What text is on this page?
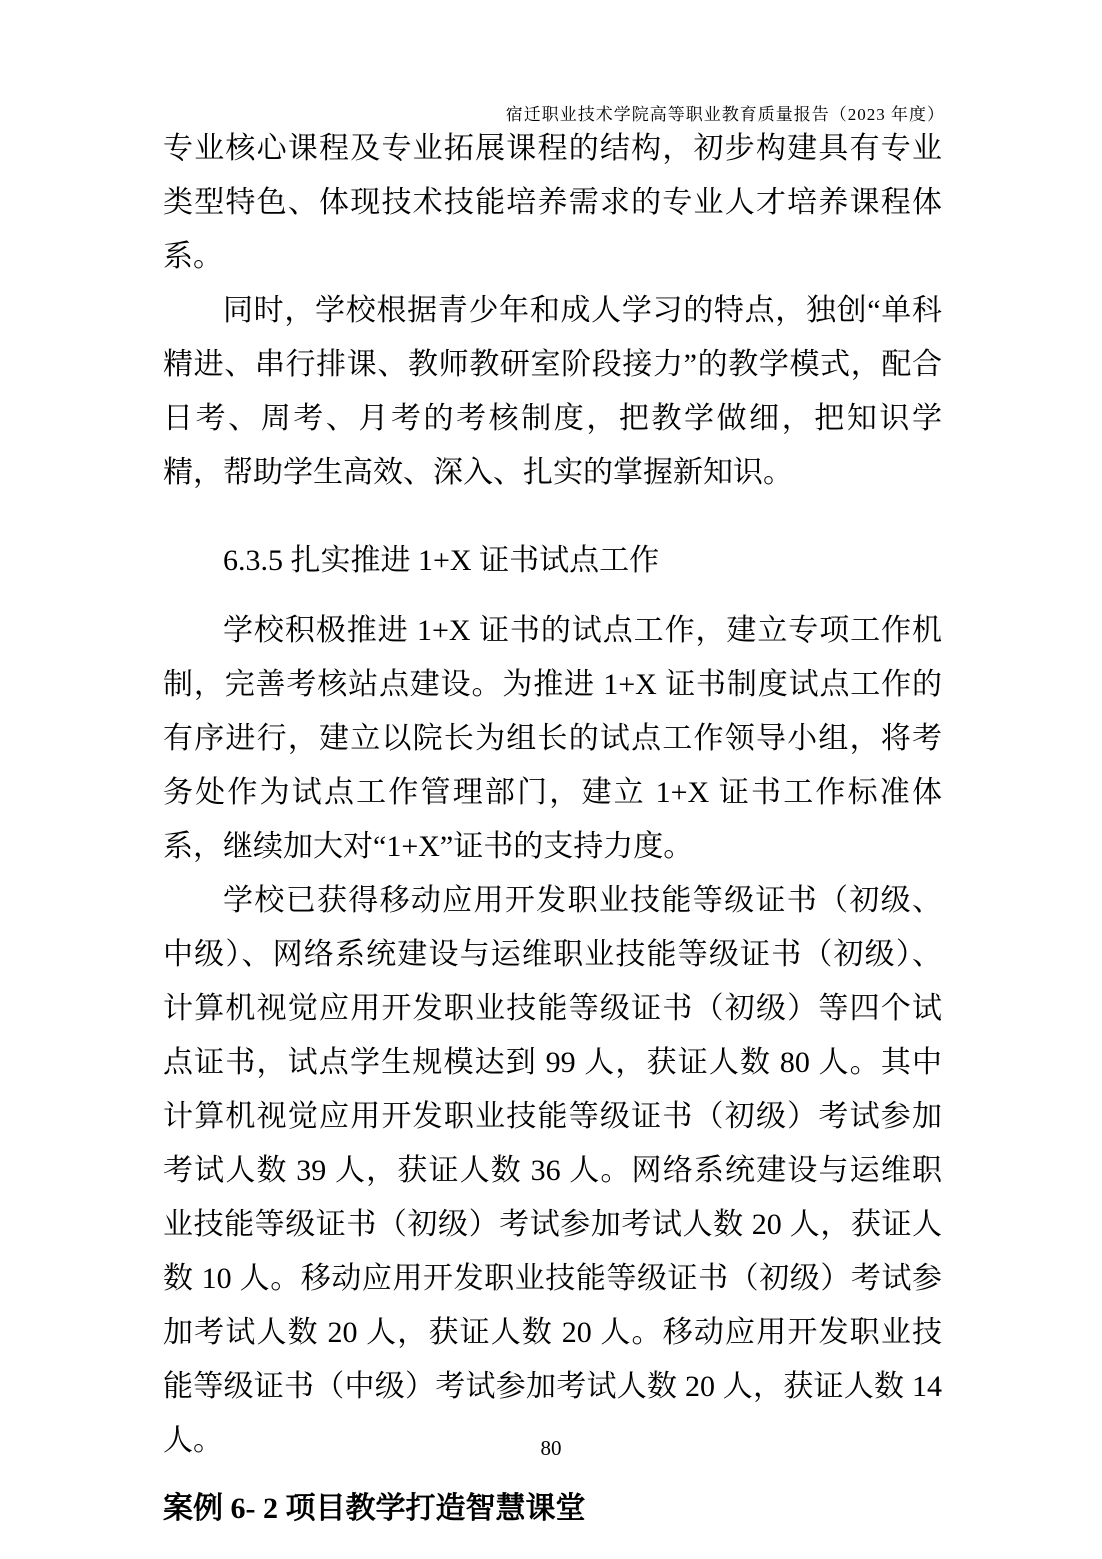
宿迁职业技术学院高等职业教育质量报告（2023 年度）

专业核心课程及专业拓展课程的结构，初步构建具有专业类型特色、体现技术技能培养需求的专业人才培养课程体系。

同时，学校根据青少年和成人学习的特点，独创“单科精进、串行排课、教师教研室阶段接力”的教学模式，配合日考、周考、月考的考核制度，把教学做细，把知识学精，帮助学生高效、深入、扎实的掌握新知识。

6.3.5 扎实推进 1+X 证书试点工作

学校积极推进 1+X 证书的试点工作，建立专项工作机制，完善考核站点建设。为推进 1+X 证书制度试点工作的有序进行，建立以院长为组长的试点工作领导小组，将考务处作为试点工作管理部门，建立 1+X 证书工作标准体系，继续加大对“1+X”证书的支持力度。

学校已获得移动应用开发职业技能等级证书（初级、中级）、网络系统建设与运维职业技能等级证书（初级）、计算机视觉应用开发职业技能等级证书（初级）等四个试点证书，试点学生规模达到 99 人，获证人数 80 人。其中计算机视觉应用开发职业技能等级证书（初级）考试参加考试人数 39 人，获证人数 36 人。网络系统建设与运维职业技能等级证书（初级）考试参加考试人数 20 人，获证人数 10 人。移动应用开发职业技能等级证书（初级）考试参加考试人数 20 人，获证人数 20 人。移动应用开发职业技能等级证书（中级）考试参加考试人数 20 人，获证人数 14 人。

案例 6- 2 项目教学打造智慧课堂
80
